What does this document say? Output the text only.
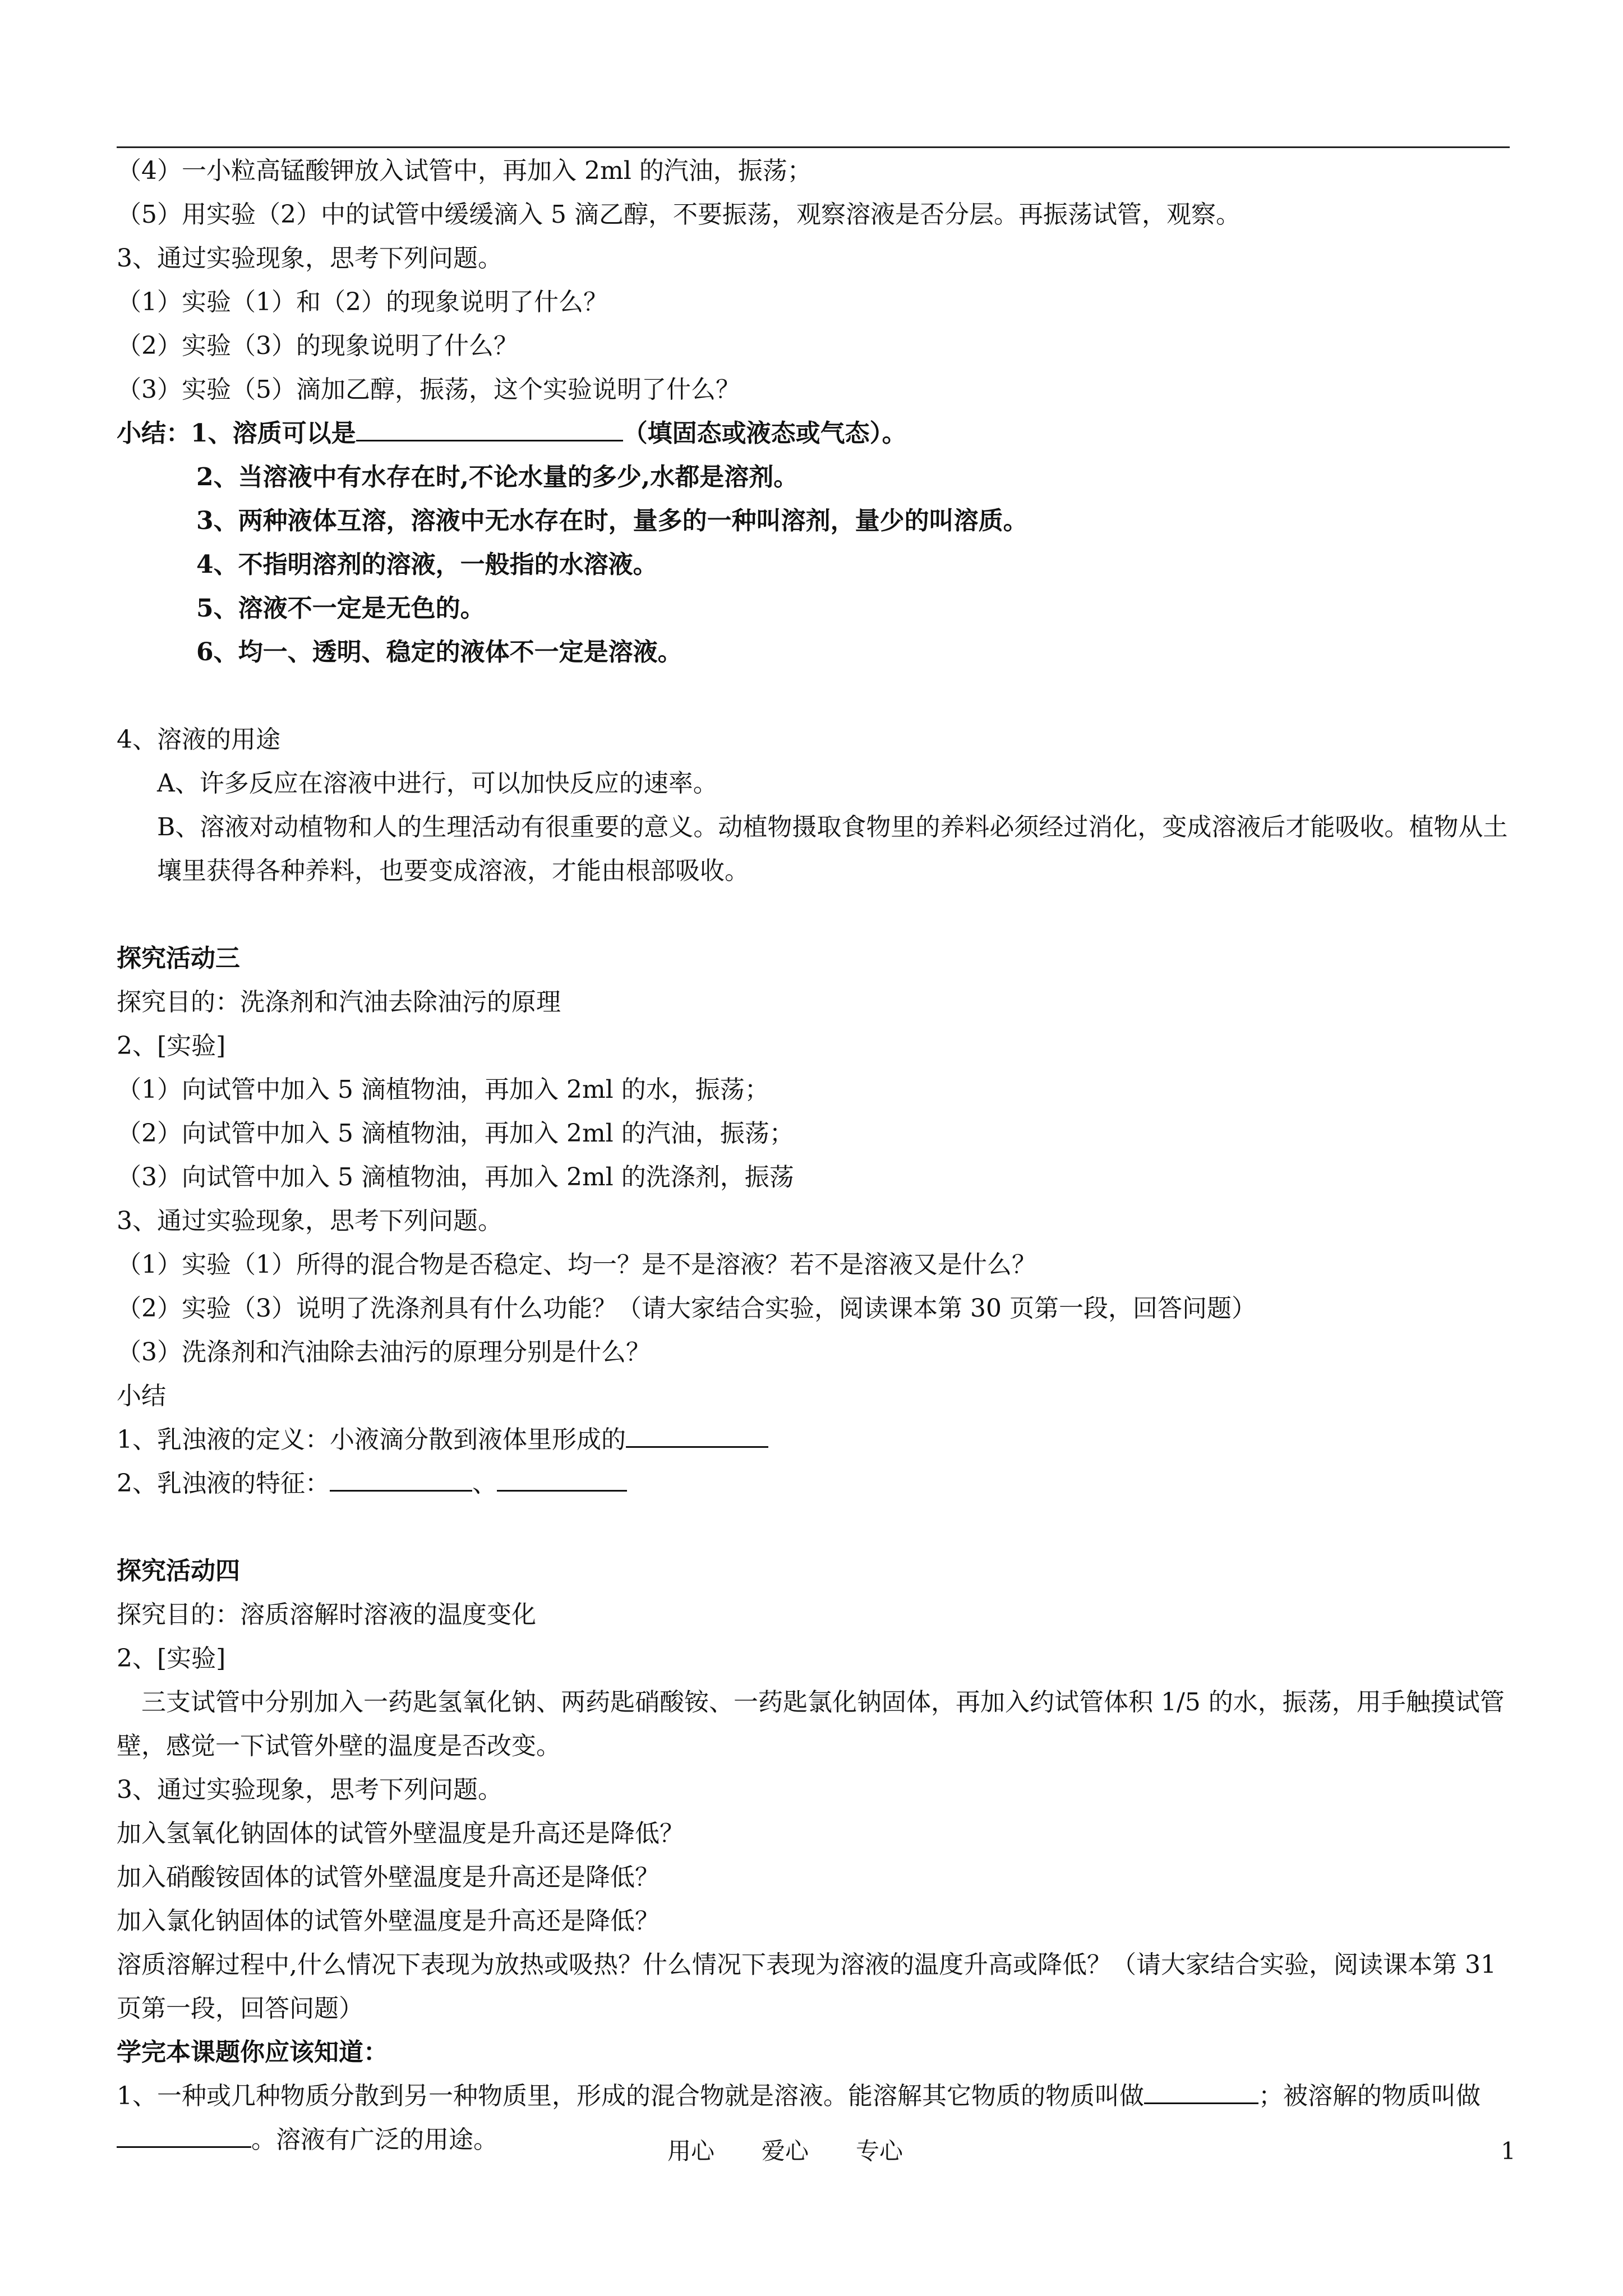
（4）一小粒高锰酸钾放入试管中，再加入 2ml 的汽油，振荡；
（5）用实验（2）中的试管中缓缓滴入 5 滴乙醇，不要振荡，观察溶液是否分层。再振荡试管，观察。
3、通过实验现象，思考下列问题。
（1）实验（1）和（2）的现象说明了什么？
（2）实验（3）的现象说明了什么？
（3）实验（5）滴加乙醇，振荡，这个实验说明了什么？
小结：1、溶质可以是	（填固态或液态或气态）。
2、当溶液中有水存在时,不论水量的多少,水都是溶剂。
3、两种液体互溶，溶液中无水存在时，量多的一种叫溶剂，量少的叫溶质。
4、不指明溶剂的溶液，一般指的水溶液。
5、溶液不一定是无色的。
6、均一、透明、稳定的液体不一定是溶液。
4、溶液的用途
A、许多反应在溶液中进行，可以加快反应的速率。
B、溶液对动植物和人的生理活动有很重要的意义。动植物摄取食物里的养料必须经过消化，变成溶液后才能吸收。植物从土壤里获得各种养料，也要变成溶液，才能由根部吸收。
探究活动三
探究目的：洗涤剂和汽油去除油污的原理
2、[实验]
（1）向试管中加入 5 滴植物油，再加入 2ml 的水，振荡；
（2）向试管中加入 5 滴植物油，再加入 2ml 的汽油，振荡；
（3）向试管中加入 5 滴植物油，再加入 2ml 的洗涤剂，振荡
3、通过实验现象，思考下列问题。
（1）实验（1）所得的混合物是否稳定、均一？是不是溶液？若不是溶液又是什么？
（2）实验（3）说明了洗涤剂具有什么功能？（请大家结合实验，阅读课本第 30 页第一段，回答问题）
（3）洗涤剂和汽油除去油污的原理分别是什么？
小结
1、乳浊液的定义：小液滴分散到液体里形成的
2、乳浊液的特征：	、
探究活动四
探究目的：溶质溶解时溶液的温度变化
2、[实验]
三支试管中分别加入一药匙氢氧化钠、两药匙硝酸铵、一药匙氯化钠固体，再加入约试管体积 1/5 的水，振荡，用手触摸试管壁，感觉一下试管外壁的温度是否改变。
3、通过实验现象，思考下列问题。
加入氢氧化钠固体的试管外壁温度是升高还是降低？
加入硝酸铵固体的试管外壁温度是升高还是降低？
加入氯化钠固体的试管外壁温度是升高还是降低？
溶质溶解过程中,什么情况下表现为放热或吸热？什么情况下表现为溶液的温度升高或降低？（请大家结合实验，阅读课本第 31 页第一段，回答问题）
学完本课题你应该知道：
1、一种或几种物质分散到另一种物质里，形成的混合物就是溶液。能溶解其它物质的物质叫做	；被溶解的物质叫做。溶液有广泛的用途。	用心　　爱心　　专心	1
